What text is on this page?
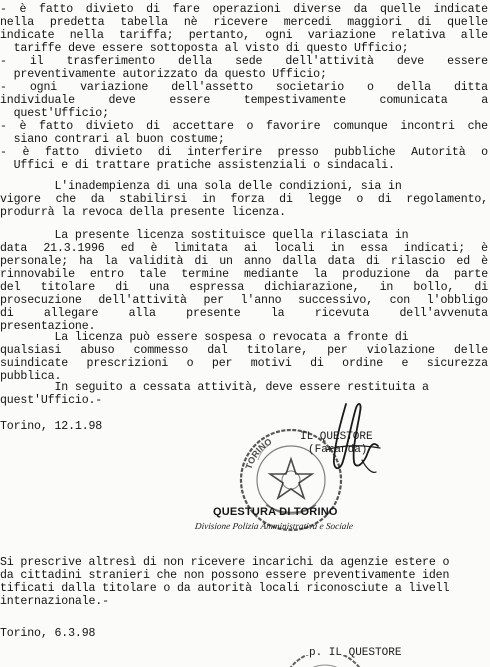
- è fatto divieto di fare operazioni diverse da quelle indicate
nella predetta tabella nè ricevere mercedi maggiori di quelle
indicate nella tariffa; pertanto, ogni variazione relativa alle
tariffe deve essere sottoposta al visto di questo Ufficio;
- il trasferimento della sede dell'attività deve essere
preventivamente autorizzato da questo Ufficio;
- ogni variazione dell'assetto societario o della ditta
individuale deve essere tempestivamente comunicata a
quest'Ufficio;
- è fatto divieto di accettare o favorire comunque incontri che
siano contrari al buon costume;
- è fatto divieto di interferire presso pubbliche Autorità o
Uffici e di trattare pratiche assistenziali o sindacali.
L'inadempienza di una sola delle condizioni, sia in
vigore che da stabilirsi in forza di legge o di regolamento,
produrrà la revoca della presente licenza.
La presente licenza sostituisce quella rilasciata in
data 21.3.1996 ed è limitata ai locali in essa indicati; è
personale; ha la validità di un anno dalla data di rilascio ed è
rinnovabile entro tale termine mediante la produzione da parte
del titolare di una espressa dichiarazione, in bollo, di
prosecuzione dell'attività per l'anno successivo, con l'obbligo
di allegare alla presente la ricevuta dell'avvenuta
presentazione.
La licenza può essere sospesa o revocata a fronte di
qualsiasi abuso commesso dal titolare, per violazione delle
suindicate prescrizioni o per motivi di ordine e sicurezza
pubblica.
In seguito a cessata attività, deve essere restituita a
quest'Ufficio.-
Torino, 12.1.98
TORINO IL QUESTORE
(Faranda)
QUESTURA DI TORINO
Divisione Polizia Amministrativa e Sociale
Si prescrive altresì di non ricevere incarichi da agenzie estere o
da cittadini stranieri che non possono essere preventivamente iden
tificati dalla titolare o da autorità locali riconosciute a livell
internazionale.-
Torino, 6.3.98
p. IL QUESTORE
